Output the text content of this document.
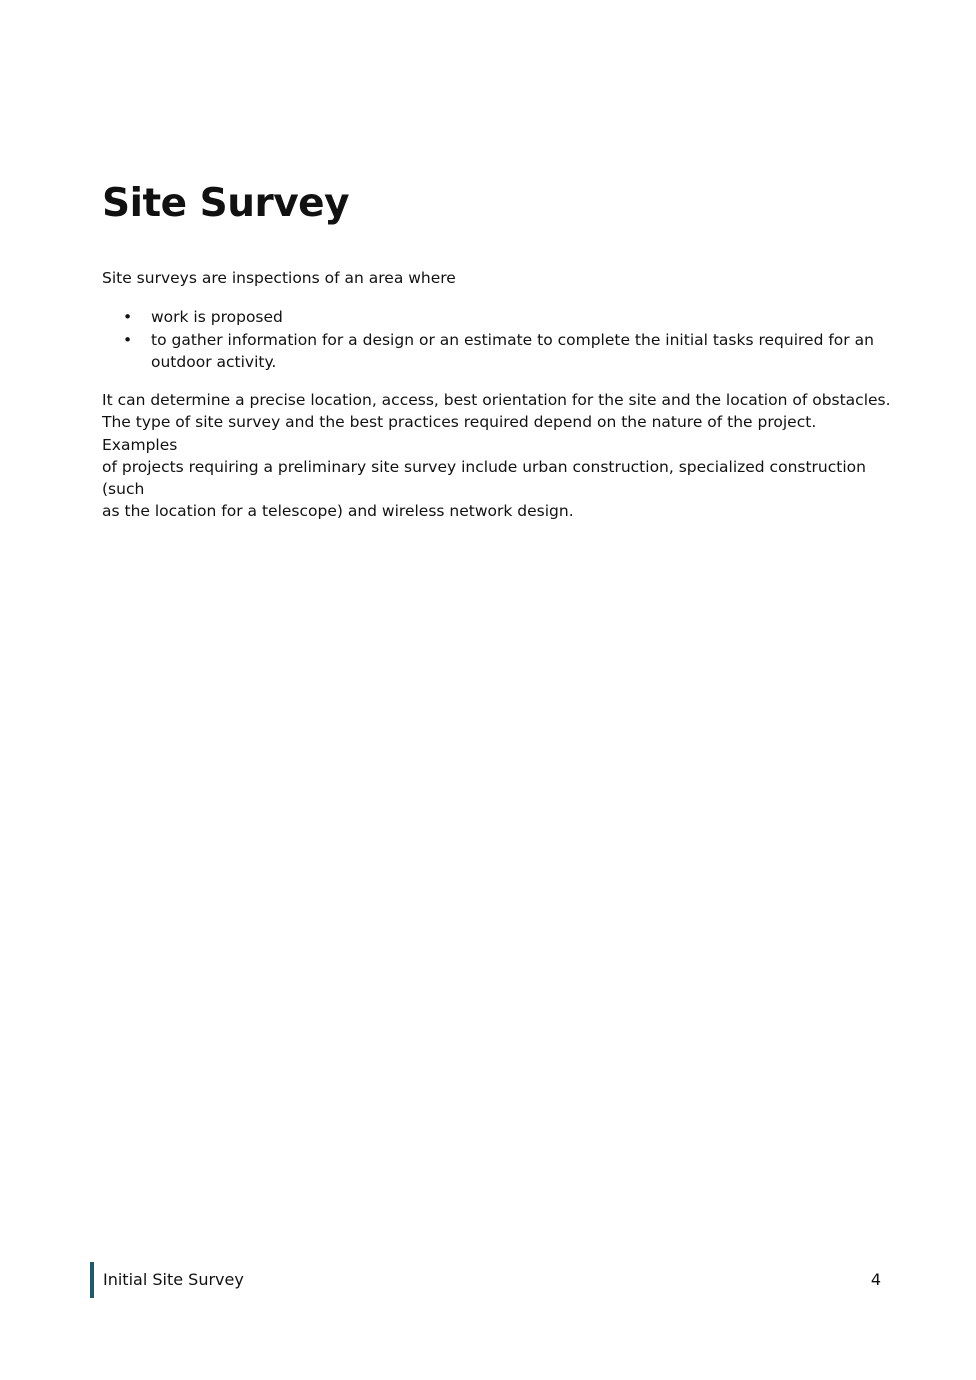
Site Survey

Site surveys are inspections of an area where

• work is proposed
• to gather information for a design or an estimate to complete the initial tasks required for an outdoor activity.

It can determine a precise location, access, best orientation for the site and the location of obstacles.
The type of site survey and the best practices required depend on the nature of the project. Examples
of projects requiring a preliminary site survey include urban construction, specialized construction (such
as the location for a telescope) and wireless network design.

Initial Site Survey	4
